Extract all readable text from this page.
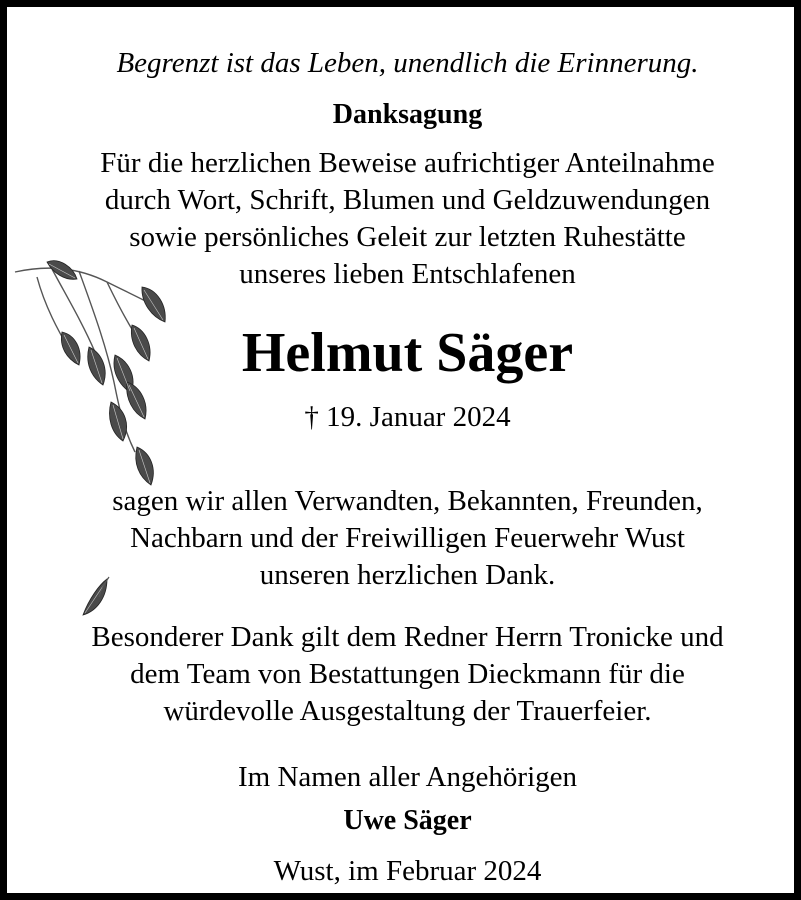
Begrenzt ist das Leben, unendlich die Erinnerung.
Danksagung
Für die herzlichen Beweise aufrichtiger Anteilnahme
durch Wort, Schrift, Blumen und Geldzuwendungen
sowie persönliches Geleit zur letzten Ruhestätte
unseres lieben Entschlafenen
Helmut Säger
† 19. Januar 2024
sagen wir allen Verwandten, Bekannten, Freunden,
Nachbarn und der Freiwilligen Feuerwehr Wust
unseren herzlichen Dank.
Besonderer Dank gilt dem Redner Herrn Tronicke und
dem Team von Bestattungen Dieckmann für die
würdevolle Ausgestaltung der Trauerfeier.
Im Namen aller Angehörigen
Uwe Säger
Wust, im Februar 2024
